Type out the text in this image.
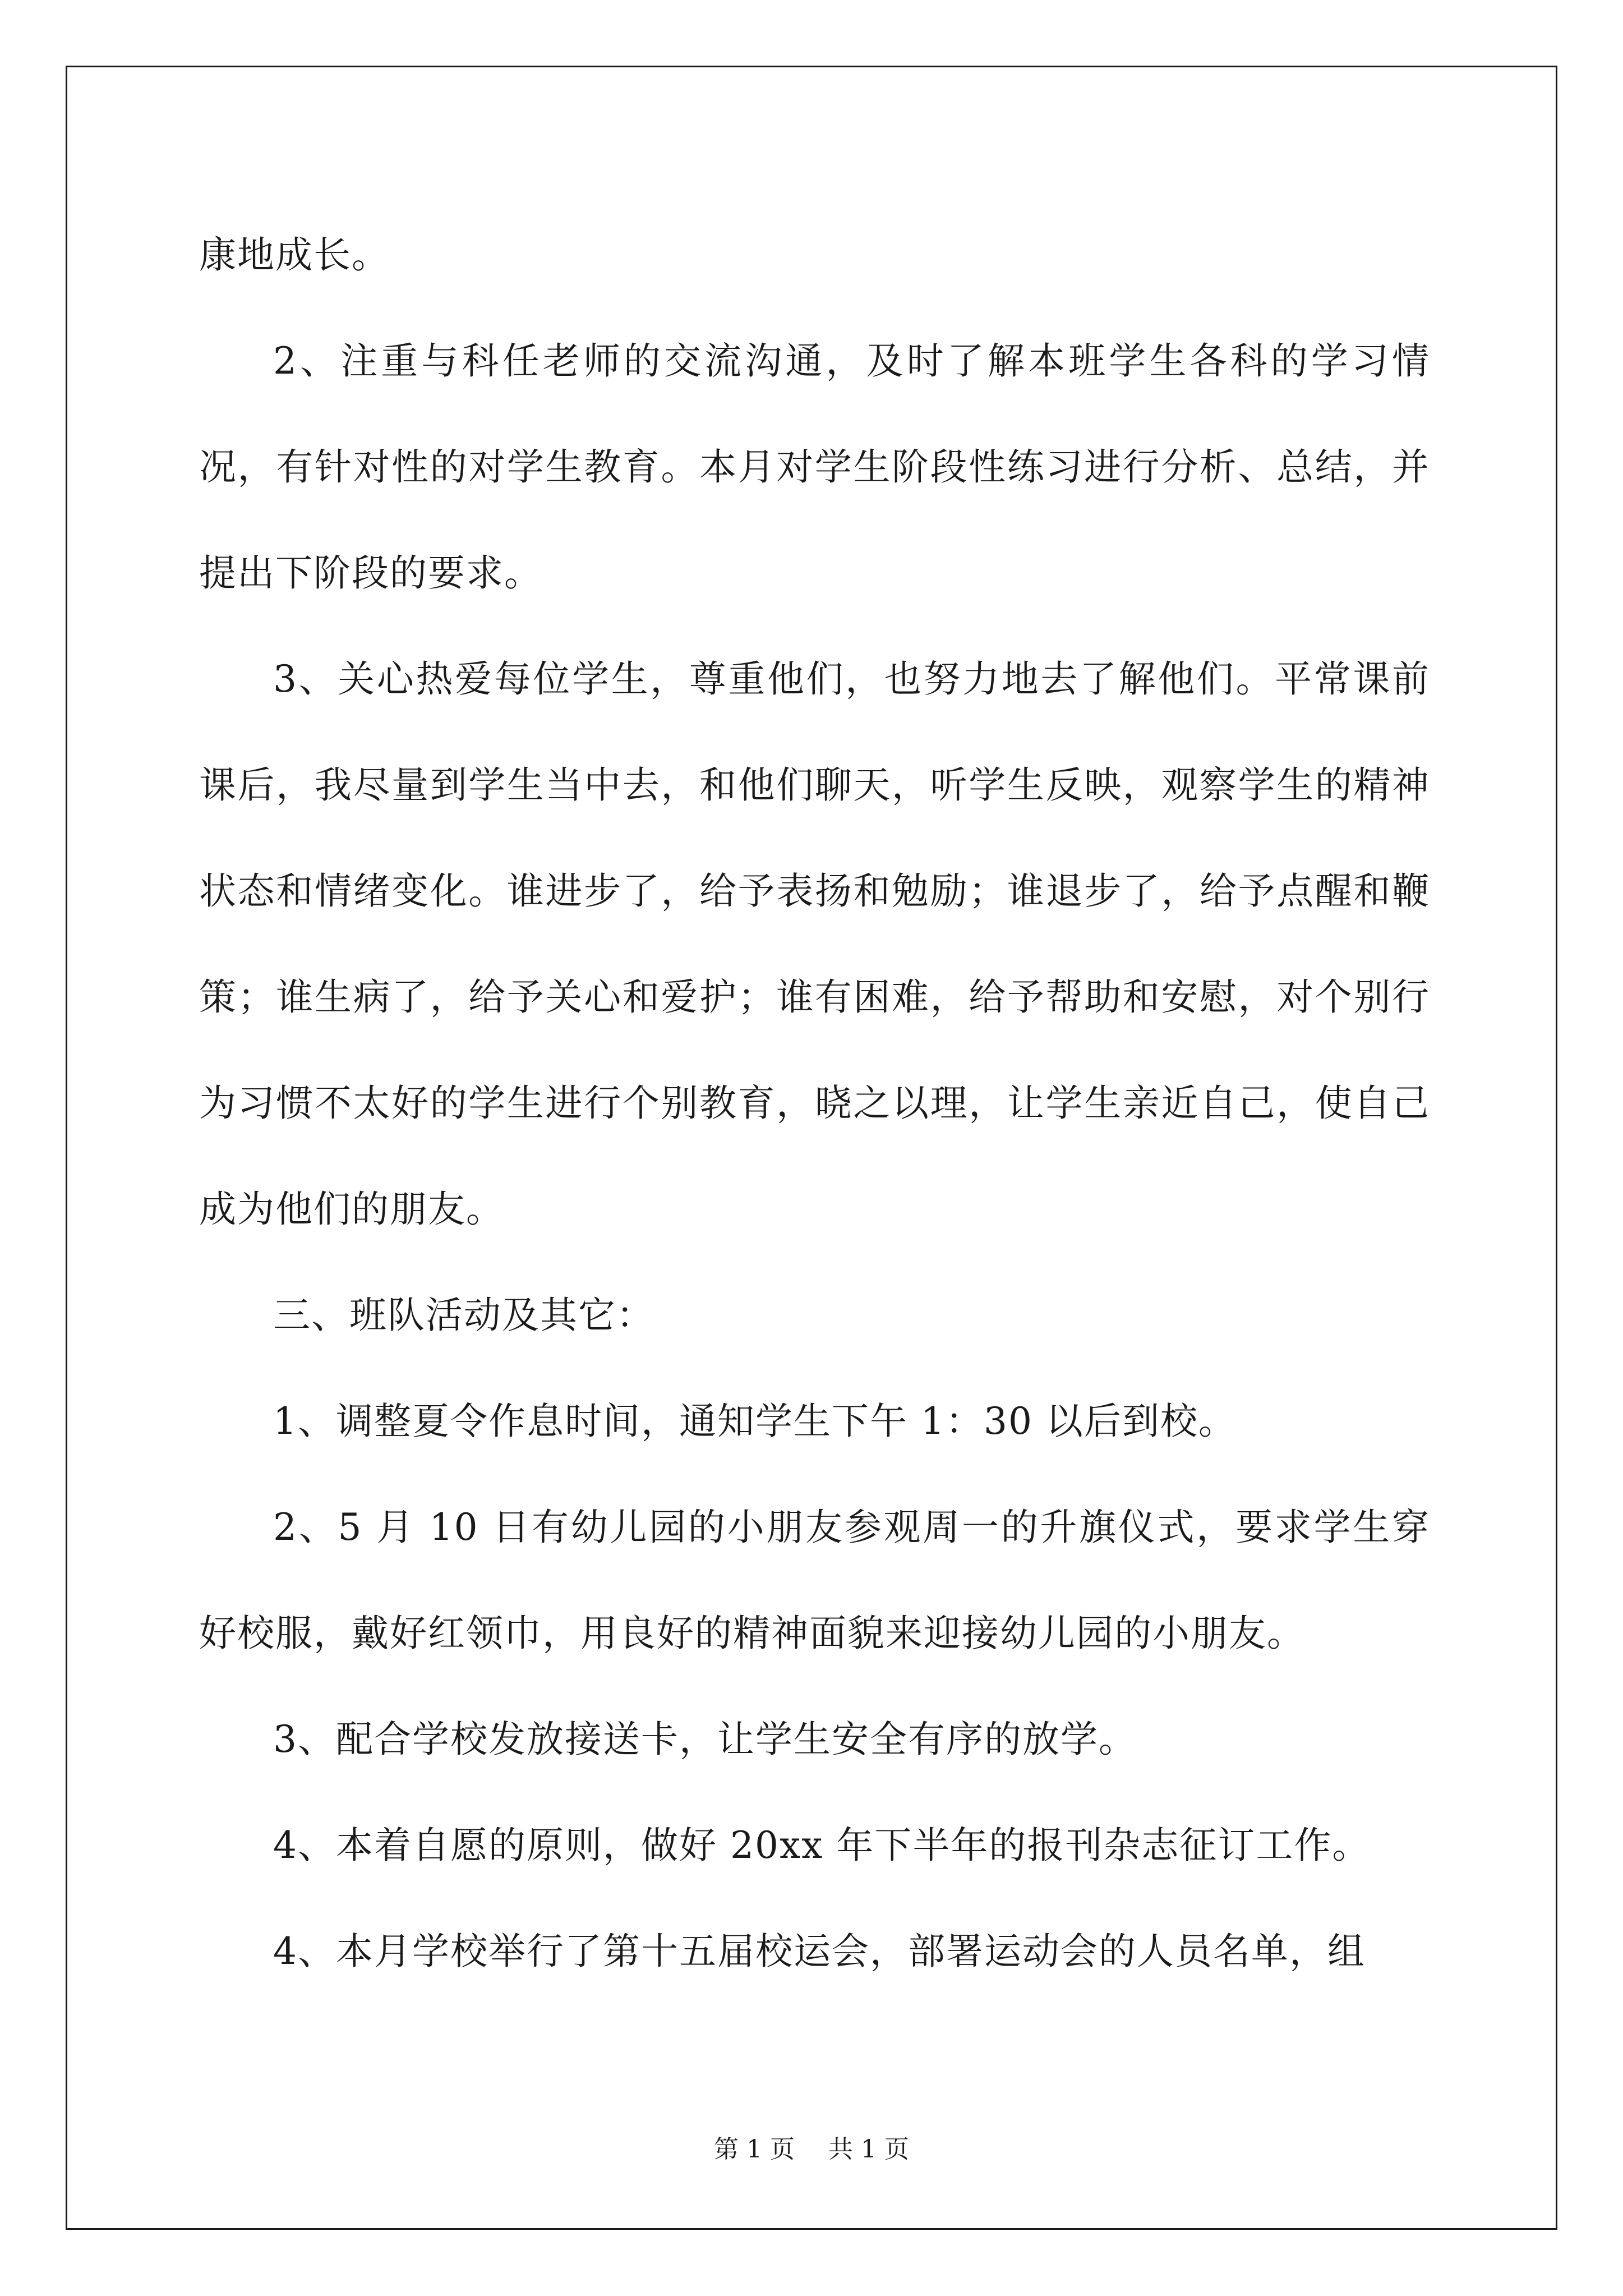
康地成长。

2、注重与科任老师的交流沟通，及时了解本班学生各科的学习情况，有针对性的对学生教育。本月对学生阶段性练习进行分析、总结，并提出下阶段的要求。

3、关心热爱每位学生，尊重他们，也努力地去了解他们。平常课前课后，我尽量到学生当中去，和他们聊天，听学生反映，观察学生的精神状态和情绪变化。谁进步了，给予表扬和勉励；谁退步了，给予点醒和鞭策；谁生病了，给予关心和爱护；谁有困难，给予帮助和安慰，对个别行为习惯不太好的学生进行个别教育，晓之以理，让学生亲近自己，使自己成为他们的朋友。

三、班队活动及其它：

1、调整夏令作息时间，通知学生下午 1：30 以后到校。

2、5 月 10 日有幼儿园的小朋友参观周一的升旗仪式，要求学生穿好校服，戴好红领巾，用良好的精神面貌来迎接幼儿园的小朋友。

3、配合学校发放接送卡，让学生安全有序的放学。

4、本着自愿的原则，做好 20xx 年下半年的报刊杂志征订工作。

4、本月学校举行了第十五届校运会，部署运动会的人员名单，组

第 1 页 共 1 页
